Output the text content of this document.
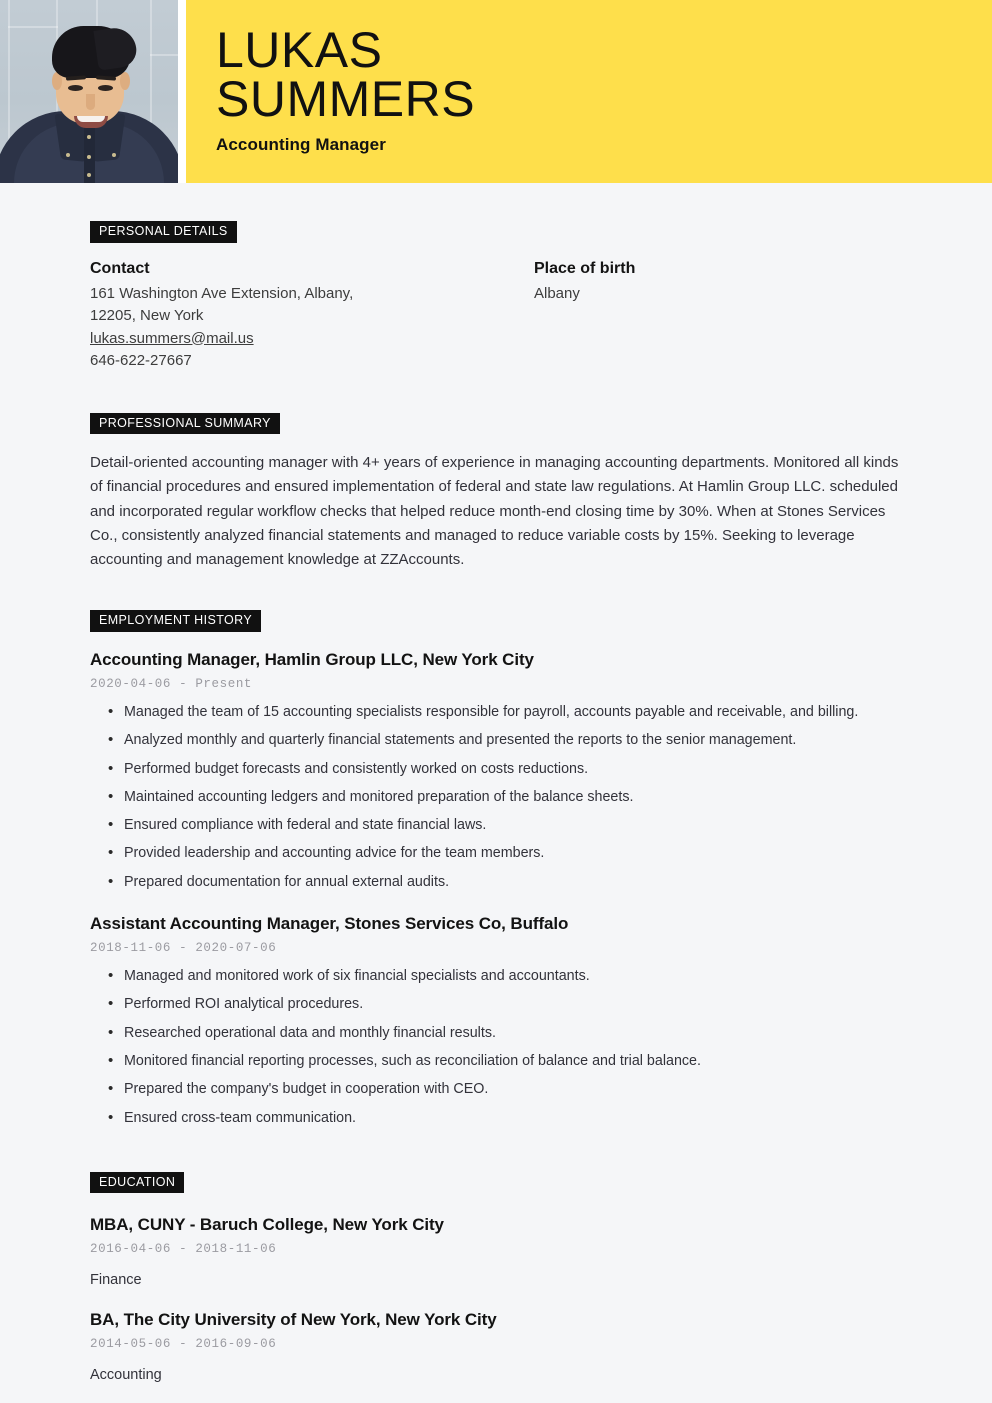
LUKAS
SUMMERS
Accounting Manager
PERSONAL DETAILS
Contact
161 Washington Ave Extension, Albany,
12205, New York
lukas.summers@mail.us
646-622-27667
Place of birth
Albany
PROFESSIONAL SUMMARY

Detail-oriented accounting manager with 4+ years of experience in managing accounting departments. Monitored all kinds of financial procedures and ensured implementation of federal and state law regulations. At Hamlin Group LLC. scheduled and incorporated regular workflow checks that helped reduce month-end closing time by 30%. When at Stones Services Co., consistently analyzed financial statements and managed to reduce variable costs by 15%. Seeking to leverage accounting and management knowledge at ZZAccounts.

EMPLOYMENT HISTORY
Accounting Manager, Hamlin Group LLC, New York City
2020-04-06 - Present
• Managed the team of 15 accounting specialists responsible for payroll, accounts payable and receivable, and billing.
• Analyzed monthly and quarterly financial statements and presented the reports to the senior management.
• Performed budget forecasts and consistently worked on costs reductions.
• Maintained accounting ledgers and monitored preparation of the balance sheets.
• Ensured compliance with federal and state financial laws.
• Provided leadership and accounting advice for the team members.
• Prepared documentation for annual external audits.
Assistant Accounting Manager, Stones Services Co, Buffalo
2018-11-06 - 2020-07-06
• Managed and monitored work of six financial specialists and accountants.
• Performed ROI analytical procedures.
• Researched operational data and monthly financial results.
• Monitored financial reporting processes, such as reconciliation of balance and trial balance.
• Prepared the company's budget in cooperation with CEO.
• Ensured cross-team communication.
EDUCATION
MBA, CUNY - Baruch College, New York City
2016-04-06 - 2018-11-06
Finance
BA, The City University of New York, New York City
2014-05-06 - 2016-09-06
Accounting
